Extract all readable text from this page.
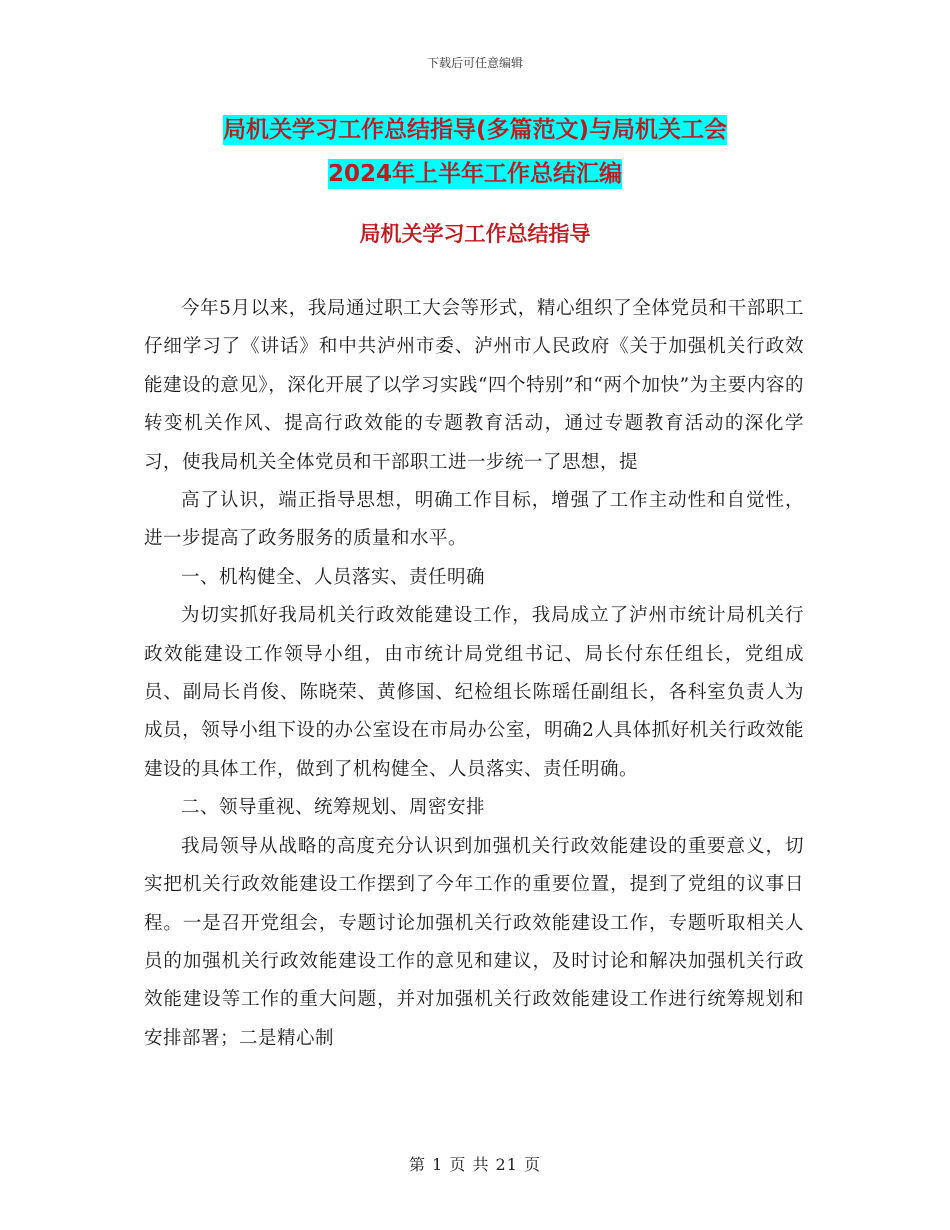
下载后可任意编辑
局机关学习工作总结指导(多篇范文)与局机关工会
2024年上半年工作总结汇编
局机关学习工作总结指导

今年5月以来，我局通过职工大会等形式，精心组织了全体党员和干部职工仔细学习了《讲话》和中共泸州市委、泸州市人民政府《关于加强机关行政效能建设的意见》，深化开展了以学习实践“四个特别”和“两个加快”为主要内容的转变机关作风、提高行政效能的专题教育活动，通过专题教育活动的深化学习，使我局机关全体党员和干部职工进一步统一了思想，提

高了认识，端正指导思想，明确工作目标，增强了工作主动性和自觉性，进一步提高了政务服务的质量和水平。

一、机构健全、人员落实、责任明确

为切实抓好我局机关行政效能建设工作，我局成立了泸州市统计局机关行政效能建设工作领导小组，由市统计局党组书记、局长付东任组长，党组成员、副局长肖俊、陈晓荣、黄修国、纪检组长陈瑶任副组长，各科室负责人为成员，领导小组下设的办公室设在市局办公室，明确2人具体抓好机关行政效能建设的具体工作，做到了机构健全、人员落实、责任明确。

二、领导重视、统筹规划、周密安排

我局领导从战略的高度充分认识到加强机关行政效能建设的重要意义，切实把机关行政效能建设工作摆到了今年工作的重要位置，提到了党组的议事日程。一是召开党组会，专题讨论加强机关行政效能建设工作，专题听取相关人员的加强机关行政效能建设工作的意见和建议，及时讨论和解决加强机关行政效能建设等工作的重大问题，并对加强机关行政效能建设工作进行统筹规划和安排部署；二是精心制

第 1 页 共 21 页
